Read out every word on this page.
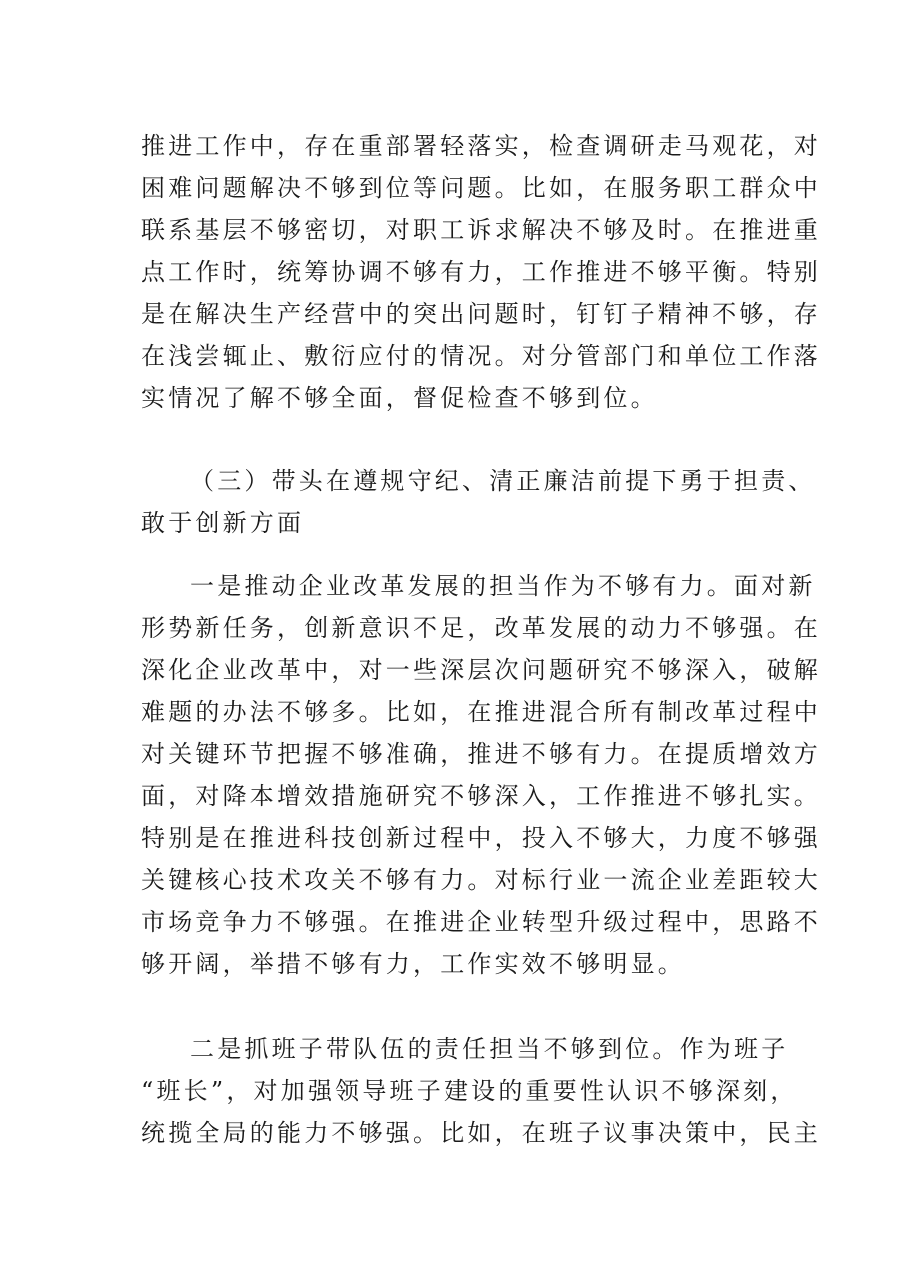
推进工作中，存在重部署轻落实，检查调研走马观花，对
困难问题解决不够到位等问题。比如，在服务职工群众中
联系基层不够密切，对职工诉求解决不够及时。在推进重
点工作时，统筹协调不够有力，工作推进不够平衡。特别
是在解决生产经营中的突出问题时，钉钉子精神不够，存
在浅尝辄止、敷衍应付的情况。对分管部门和单位工作落
实情况了解不够全面，督促检查不够到位。
（三）带头在遵规守纪、清正廉洁前提下勇于担责、
敢于创新方面
一是推动企业改革发展的担当作为不够有力。面对新
形势新任务，创新意识不足，改革发展的动力不够强。在
深化企业改革中，对一些深层次问题研究不够深入，破解
难题的办法不够多。比如，在推进混合所有制改革过程中
对关键环节把握不够准确，推进不够有力。在提质增效方
面，对降本增效措施研究不够深入，工作推进不够扎实。
特别是在推进科技创新过程中，投入不够大，力度不够强
关键核心技术攻关不够有力。对标行业一流企业差距较大
市场竞争力不够强。在推进企业转型升级过程中，思路不
够开阔，举措不够有力，工作实效不够明显。
二是抓班子带队伍的责任担当不够到位。作为班子
“班长”，对加强领导班子建设的重要性认识不够深刻，
统揽全局的能力不够强。比如，在班子议事决策中，民主
